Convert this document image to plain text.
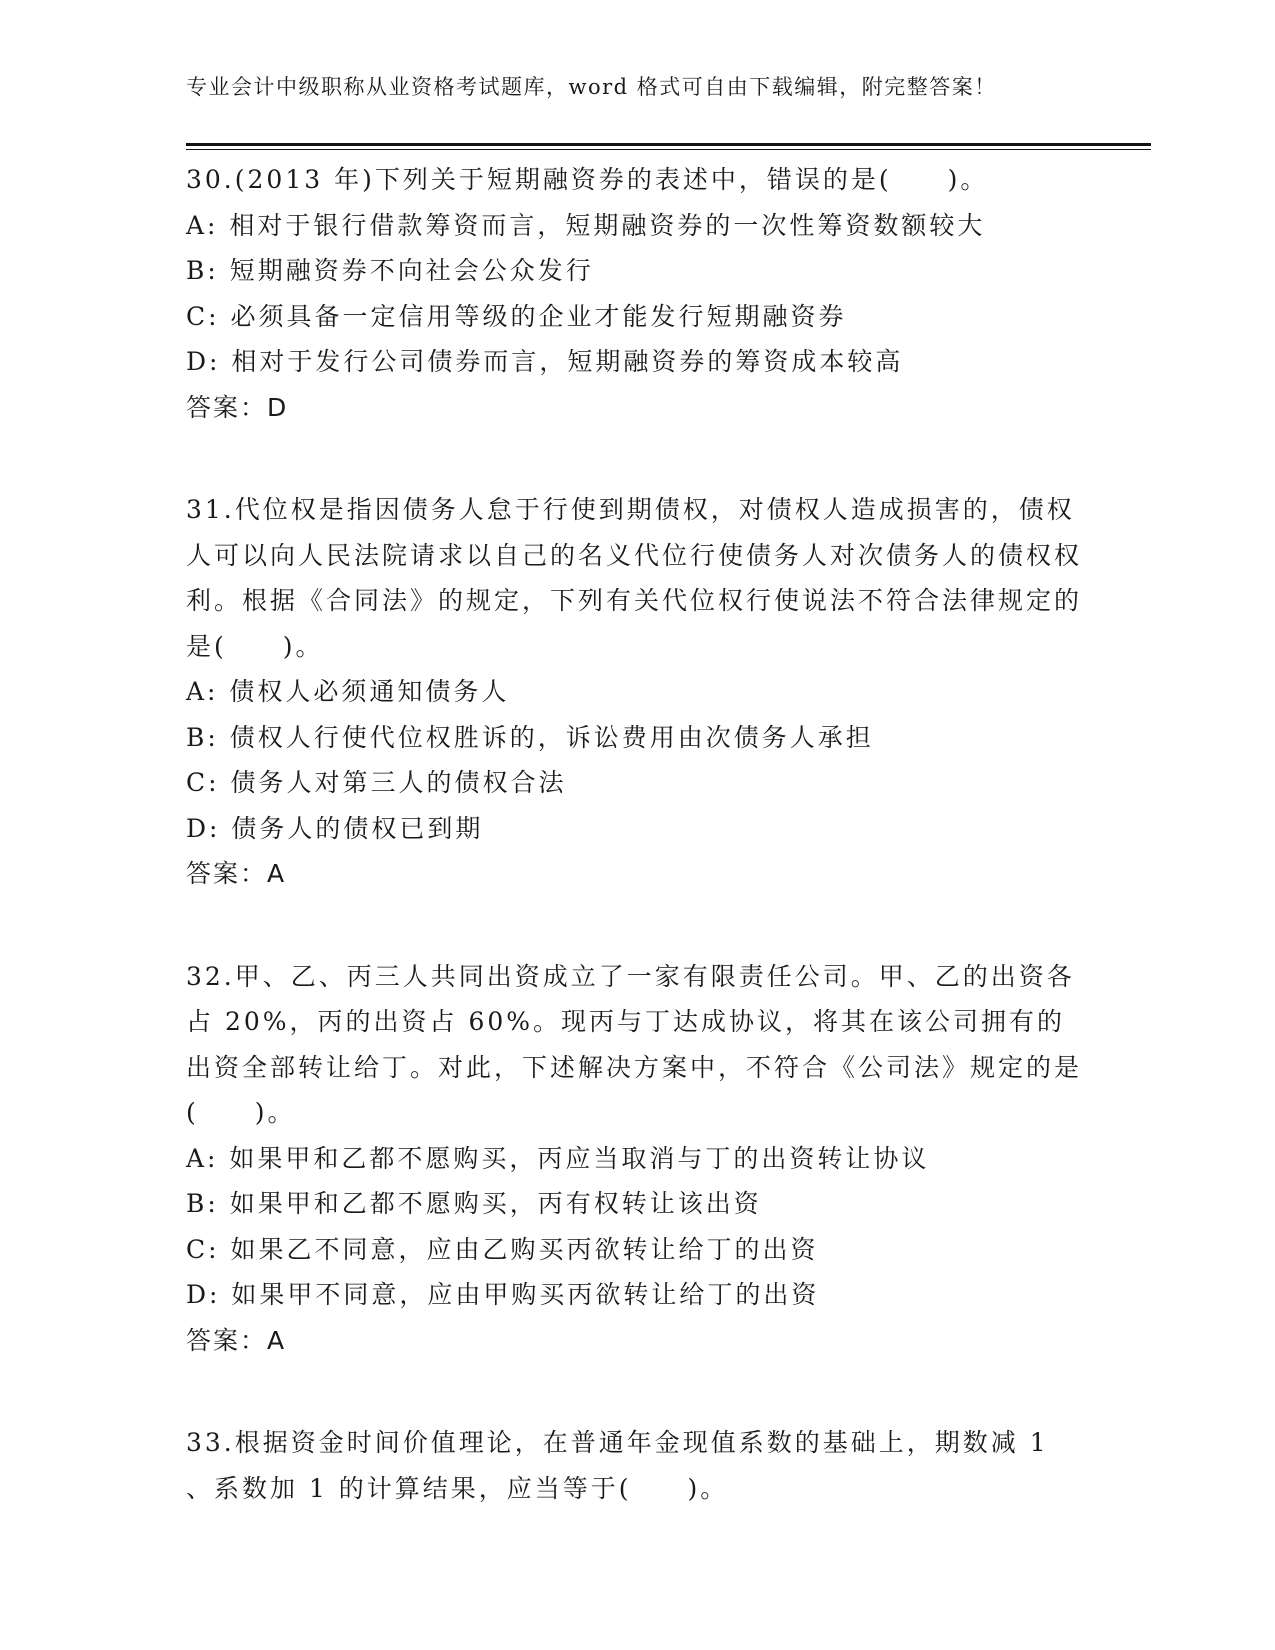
专业会计中级职称从业资格考试题库，word 格式可自由下载编辑，附完整答案！

30.(2013 年)下列关于短期融资券的表述中，错误的是(　　)。

A: 相对于银行借款筹资而言，短期融资券的一次性筹资数额较大

B: 短期融资券不向社会公众发行

C: 必须具备一定信用等级的企业才能发行短期融资券

D: 相对于发行公司债券而言，短期融资券的筹资成本较高

答案：D

31.代位权是指因债务人怠于行使到期债权，对债权人造成损害的，债权人可以向人民法院请求以自己的名义代位行使债务人对次债务人的债权权利。根据《合同法》的规定，下列有关代位权行使说法不符合法律规定的是(　　)。

A: 债权人必须通知债务人

B: 债权人行使代位权胜诉的，诉讼费用由次债务人承担

C: 债务人对第三人的债权合法

D: 债务人的债权已到期

答案：A

32.甲、乙、丙三人共同出资成立了一家有限责任公司。甲、乙的出资各占 20%，丙的出资占 60%。现丙与丁达成协议，将其在该公司拥有的出资全部转让给丁。对此，下述解决方案中，不符合《公司法》规定的是(　　)。

A: 如果甲和乙都不愿购买，丙应当取消与丁的出资转让协议

B: 如果甲和乙都不愿购买，丙有权转让该出资

C: 如果乙不同意，应由乙购买丙欲转让给丁的出资

D: 如果甲不同意，应由甲购买丙欲转让给丁的出资

答案：A

33.根据资金时间价值理论，在普通年金现值系数的基础上，期数减 1 、系数加 1 的计算结果，应当等于(　　)。
